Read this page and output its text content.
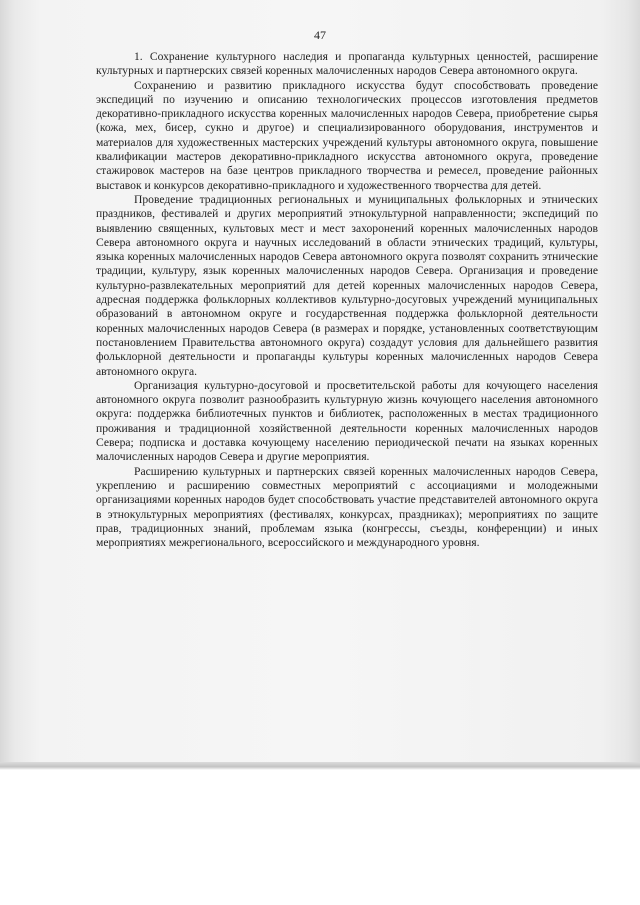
47

1. Сохранение культурного наследия и пропаганда культурных ценностей, расширение культурных и партнерских связей коренных малочисленных народов Севера автономного округа.

Сохранению и развитию прикладного искусства будут способствовать проведение экспедиций по изучению и описанию технологических процессов изготовления предметов декоративно-прикладного искусства коренных малочисленных народов Севера, приобретение сырья (кожа, мех, бисер, сукно и другое) и специализированного оборудования, инструментов и материалов для художественных мастерских учреждений культуры автономного округа, повышение квалификации мастеров декоративно-прикладного искусства автономного округа, проведение стажировок мастеров на базе центров прикладного творчества и ремесел, проведение районных выставок и конкурсов декоративно-прикладного и художественного творчества для детей.

Проведение традиционных региональных и муниципальных фольклорных и этнических праздников, фестивалей и других мероприятий этнокультурной направленности; экспедиций по выявлению священных, культовых мест и мест захоронений коренных малочисленных народов Севера автономного округа и научных исследований в области этнических традиций, культуры, языка коренных малочисленных народов Севера автономного округа позволят сохранить этнические традиции, культуру, язык коренных малочисленных народов Севера. Организация и проведение культурно-развлекательных мероприятий для детей коренных малочисленных народов Севера, адресная поддержка фольклорных коллективов культурно-досуговых учреждений муниципальных образований в автономном округе и государственная поддержка фольклорной деятельности коренных малочисленных народов Севера (в размерах и порядке, установленных соответствующим постановлением Правительства автономного округа) создадут условия для дальнейшего развития фольклорной деятельности и пропаганды культуры коренных малочисленных народов Севера автономного округа.

Организация культурно-досуговой и просветительской работы для кочующего населения автономного округа позволит разнообразить культурную жизнь кочующего населения автономного округа: поддержка библиотечных пунктов и библиотек, расположенных в местах традиционного проживания и традиционной хозяйственной деятельности коренных малочисленных народов Севера; подписка и доставка кочующему населению периодической печати на языках коренных малочисленных народов Севера и другие мероприятия.

Расширению культурных и партнерских связей коренных малочисленных народов Севера, укреплению и расширению совместных мероприятий с ассоциациями и молодежными организациями коренных народов будет способствовать участие представителей автономного округа в этнокультурных мероприятиях (фестивалях, конкурсах, праздниках); мероприятиях по защите прав, традиционных знаний, проблемам языка (конгрессы, съезды, конференции) и иных мероприятиях межрегионального, всероссийского и международного уровня.
